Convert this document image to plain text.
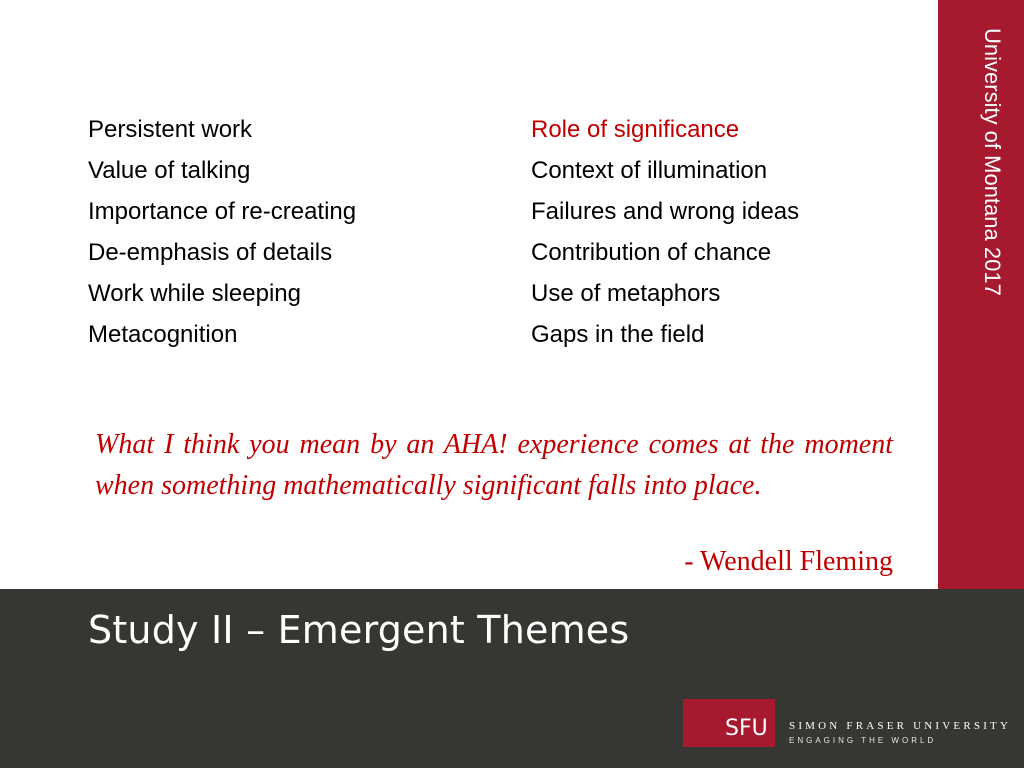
University of Montana 2017
Persistent work
Value of talking
Importance of re-creating
De-emphasis of details
Work while sleeping
Metacognition
Role of significance
Context of illumination
Failures and wrong ideas
Contribution of chance
Use of metaphors
Gaps in the field
What I think you mean by an AHA! experience comes at the moment when something mathematically significant falls into place.
- Wendell Fleming
Study II – Emergent Themes
SFU SIMON FRASER UNIVERSITY
ENGAGING THE WORLD
